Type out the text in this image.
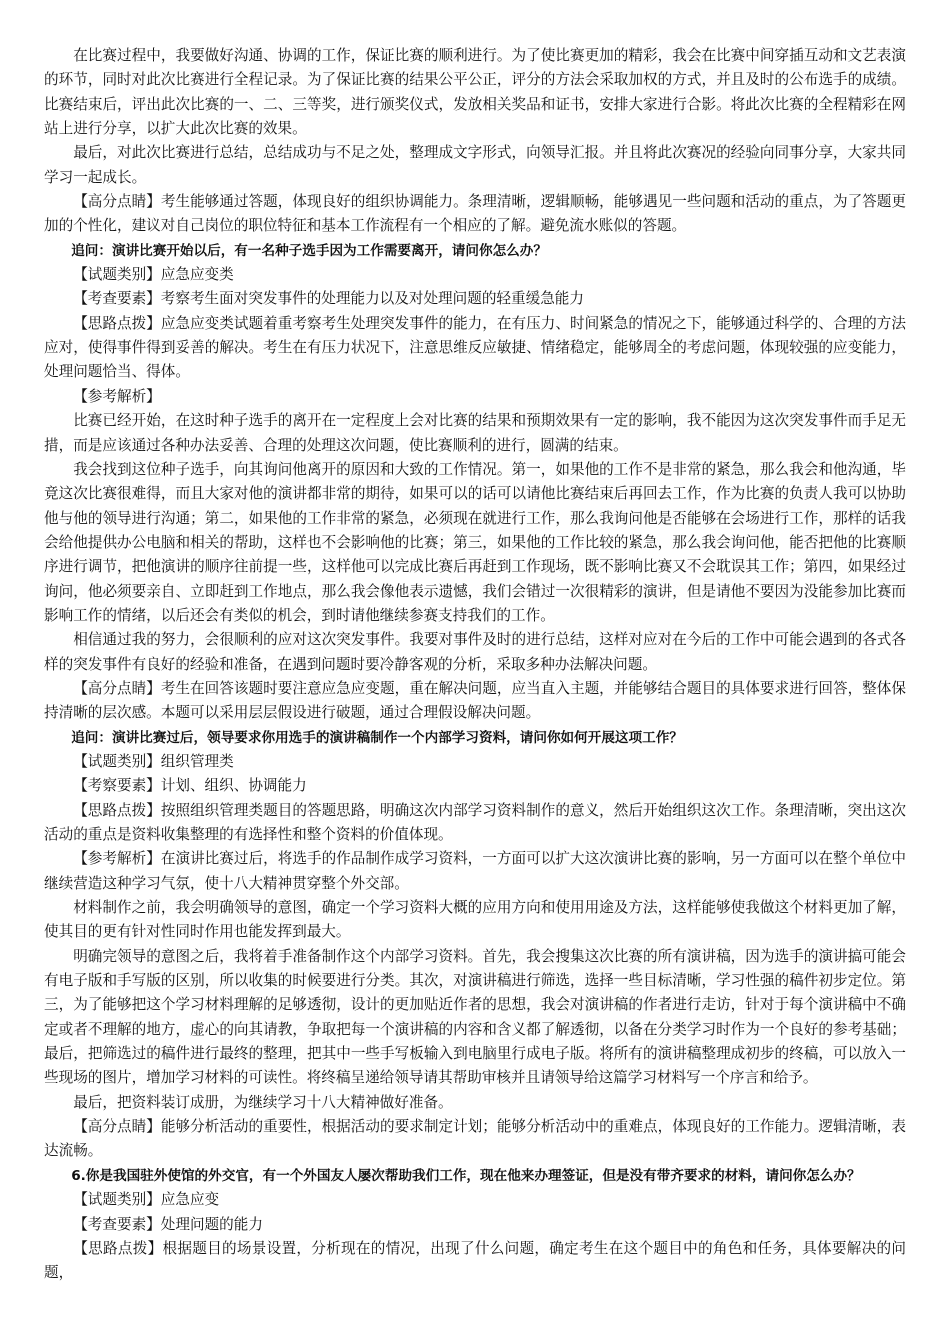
在比赛过程中，我要做好沟通、协调的工作，保证比赛的顺利进行。为了使比赛更加的精彩，我会在比赛中间穿插互动和文艺表演的环节，同时对此次比赛进行全程记录。为了保证比赛的结果公平公正，评分的方法会采取加权的方式，并且及时的公布选手的成绩。比赛结束后，评出此次比赛的一、二、三等奖，进行颁奖仪式，发放相关奖品和证书，安排大家进行合影。将此次比赛的全程精彩在网站上进行分享，以扩大此次比赛的效果。

最后，对此次比赛进行总结，总结成功与不足之处，整理成文字形式，向领导汇报。并且将此次赛况的经验向同事分享，大家共同学习一起成长。

【高分点睛】考生能够通过答题，体现良好的组织协调能力。条理清晰，逻辑顺畅，能够遇见一些问题和活动的重点，为了答题更加的个性化，建议对自己岗位的职位特征和基本工作流程有一个相应的了解。避免流水账似的答题。

追问：演讲比赛开始以后，有一名种子选手因为工作需要离开，请问你怎么办？

【试题类别】应急应变类

【考查要素】考察考生面对突发事件的处理能力以及对处理问题的轻重缓急能力

【思路点拨】应急应变类试题着重考察考生处理突发事件的能力，在有压力、时间紧急的情况之下，能够通过科学的、合理的方法应对，使得事件得到妥善的解决。考生在有压力状况下，注意思维反应敏捷、情绪稳定，能够周全的考虑问题，体现较强的应变能力，处理问题恰当、得体。

【参考解析】

比赛已经开始，在这时种子选手的离开在一定程度上会对比赛的结果和预期效果有一定的影响，我不能因为这次突发事件而手足无措，而是应该通过各种办法妥善、合理的处理这次问题，使比赛顺利的进行，圆满的结束。

我会找到这位种子选手，向其询问他离开的原因和大致的工作情况。第一，如果他的工作不是非常的紧急，那么我会和他沟通，毕竟这次比赛很难得，而且大家对他的演讲都非常的期待，如果可以的话可以请他比赛结束后再回去工作，作为比赛的负责人我可以协助他与他的领导进行沟通；第二，如果他的工作非常的紧急，必须现在就进行工作，那么我询问他是否能够在会场进行工作，那样的话我会给他提供办公电脑和相关的帮助，这样也不会影响他的比赛；第三，如果他的工作比较的紧急，那么我会询问他，能否把他的比赛顺序进行调节，把他演讲的顺序往前提一些，这样他可以完成比赛后再赶到工作现场，既不影响比赛又不会耽误其工作；第四，如果经过询问，他必须要亲自、立即赶到工作地点，那么我会像他表示遗憾，我们会错过一次很精彩的演讲，但是请他不要因为没能参加比赛而影响工作的情绪，以后还会有类似的机会，到时请他继续参赛支持我们的工作。

相信通过我的努力，会很顺利的应对这次突发事件。我要对事件及时的进行总结，这样对应对在今后的工作中可能会遇到的各式各样的突发事件有良好的经验和准备，在遇到问题时要冷静客观的分析，采取多种办法解决问题。

【高分点睛】考生在回答该题时要注意应急应变题，重在解决问题，应当直入主题，并能够结合题目的具体要求进行回答，整体保持清晰的层次感。本题可以采用层层假设进行破题，通过合理假设解决问题。

追问：演讲比赛过后，领导要求你用选手的演讲稿制作一个内部学习资料，请问你如何开展这项工作？

【试题类别】组织管理类

【考察要素】计划、组织、协调能力

【思路点拨】按照组织管理类题目的答题思路，明确这次内部学习资料制作的意义，然后开始组织这次工作。条理清晰，突出这次活动的重点是资料收集整理的有选择性和整个资料的价值体现。

【参考解析】在演讲比赛过后，将选手的作品制作成学习资料，一方面可以扩大这次演讲比赛的影响，另一方面可以在整个单位中继续营造这种学习气氛，使十八大精神贯穿整个外交部。

材料制作之前，我会明确领导的意图，确定一个学习资料大概的应用方向和使用用途及方法，这样能够使我做这个材料更加了解，使其目的更有针对性同时作用也能发挥到最大。

明确完领导的意图之后，我将着手准备制作这个内部学习资料。首先，我会搜集这次比赛的所有演讲稿，因为选手的演讲搞可能会有电子版和手写版的区别，所以收集的时候要进行分类。其次，对演讲稿进行筛选，选择一些目标清晰，学习性强的稿件初步定位。第三，为了能够把这个学习材料理解的足够透彻，设计的更加贴近作者的思想，我会对演讲稿的作者进行走访，针对于每个演讲稿中不确定或者不理解的地方，虚心的向其请教，争取把每一个演讲稿的内容和含义都了解透彻，以备在分类学习时作为一个良好的参考基础；最后，把筛选过的稿件进行最终的整理，把其中一些手写板输入到电脑里行成电子版。将所有的演讲稿整理成初步的终稿，可以放入一些现场的图片，增加学习材料的可读性。将终稿呈递给领导请其帮助审核并且请领导给这篇学习材料写一个序言和给予。

最后，把资料装订成册，为继续学习十八大精神做好准备。

【高分点睛】能够分析活动的重要性，根据活动的要求制定计划；能够分析活动中的重难点，体现良好的工作能力。逻辑清晰，表达流畅。

6.你是我国驻外使馆的外交官，有一个外国友人屡次帮助我们工作，现在他来办理签证，但是没有带齐要求的材料，请问你怎么办？

【试题类别】应急应变

【考查要素】处理问题的能力

【思路点拨】根据题目的场景设置，分析现在的情况，出现了什么问题，确定考生在这个题目中的角色和任务，具体要解决的问题，
